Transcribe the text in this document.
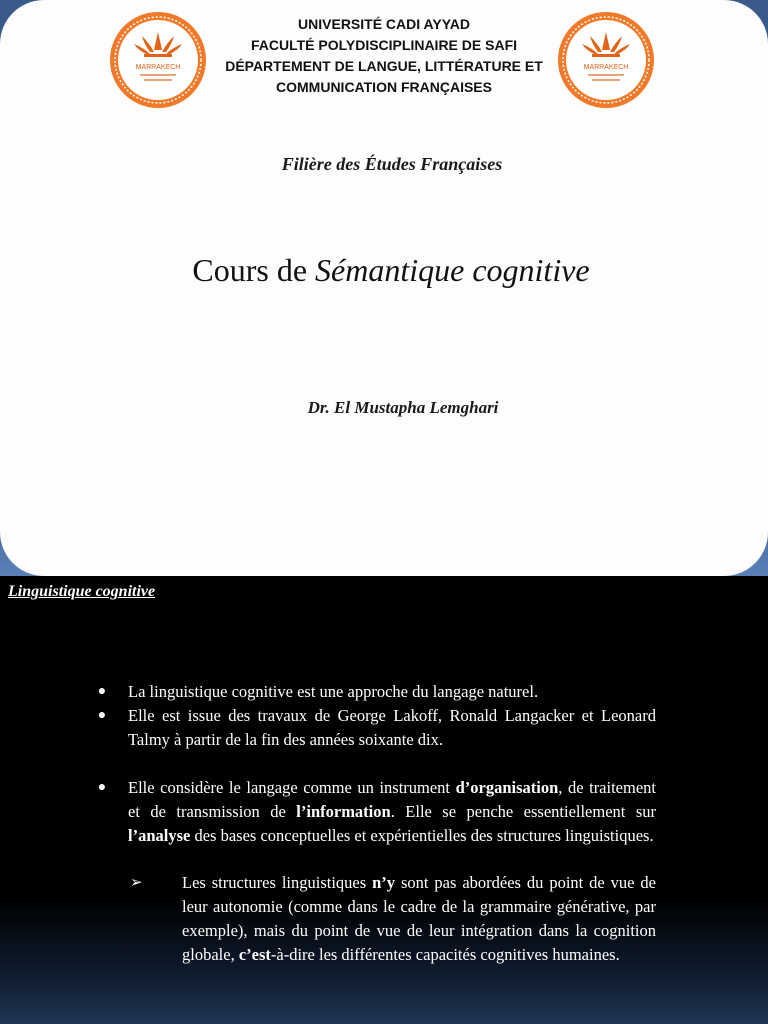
MARRAKECH
UNIVERSITÉ CADI AYYAD
FACULTÉ POLYDISCIPLINAIRE DE SAFI
DÉPARTEMENT DE LANGUE, LITTÉRATURE ET
COMMUNICATION FRANÇAISES
MARRAKECH
Filière des Études Françaises
Cours de Sémantique cognitive
Dr. El Mustapha Lemghari
Linguistique cognitive
● La linguistique cognitive est une approche du langage naturel.
● Elle est issue des travaux de George Lakoff, Ronald Langacker et Leonard Talmy à partir de la fin des années soixante dix.
● Elle considère le langage comme un instrument d’organisation, de traitement et de transmission de l’information. Elle se penche essentiellement sur l’analyse des bases conceptuelles et expérientielles des structures linguistiques.
➢ Les structures linguistiques n’y sont pas abordées du point de vue de leur autonomie (comme dans le cadre de la grammaire générative, par exemple), mais du point de vue de leur intégration dans la cognition globale, c’est-à-dire les différentes capacités cognitives humaines.
